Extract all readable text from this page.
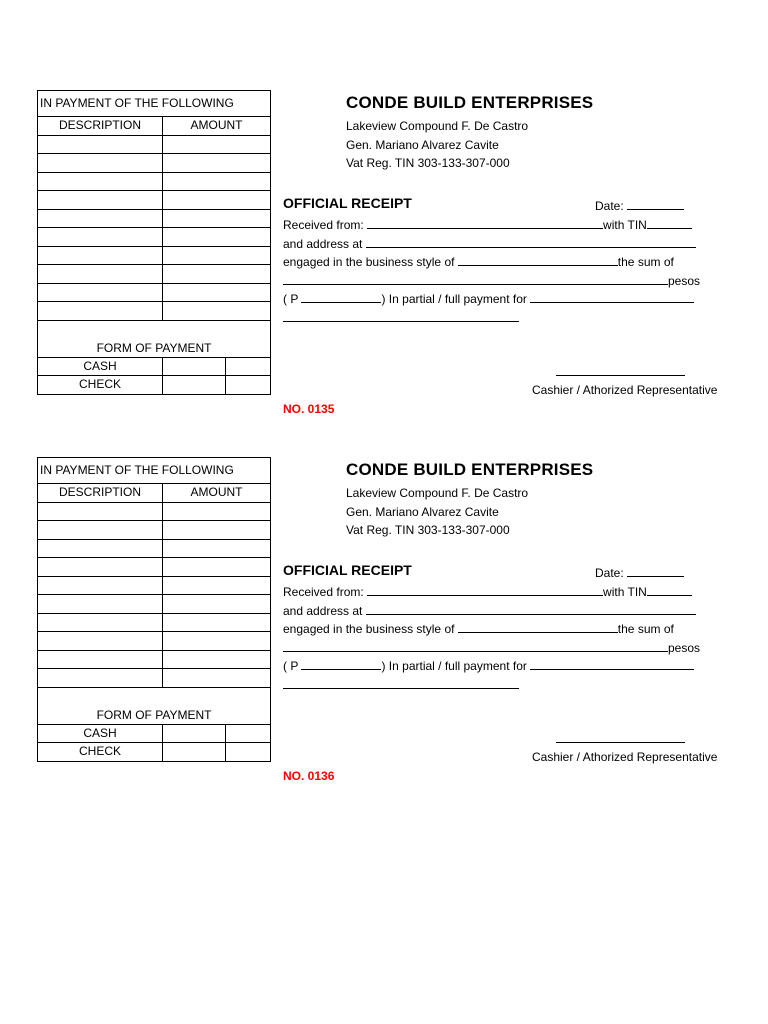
IN PAYMENT OF THE FOLLOWING		
DESCRIPTION	AMOUNT	

FORM OF PAYMENT		
CASH		
CHECK		
CONDE BUILD ENTERPRISES
Lakeview Compound F. De Castro
Gen. Mariano Alvarez Cavite
Vat Reg. TIN 303-133-307-000
OFFICIAL RECEIPT	Date:
Received from:	with TIN
and address at
engaged in the business style of	the sum of
pesos
( P	) In partial / full payment for
Cashier / Athorized Representative
NO. 0135
IN PAYMENT OF THE FOLLOWING		
DESCRIPTION	AMOUNT	

FORM OF PAYMENT		
CASH		
CHECK		
CONDE BUILD ENTERPRISES
Lakeview Compound F. De Castro
Gen. Mariano Alvarez Cavite
Vat Reg. TIN 303-133-307-000
OFFICIAL RECEIPT	Date:
Received from:	with TIN
and address at
engaged in the business style of	the sum of
pesos
( P	) In partial / full payment for
Cashier / Athorized Representative
NO. 0136
